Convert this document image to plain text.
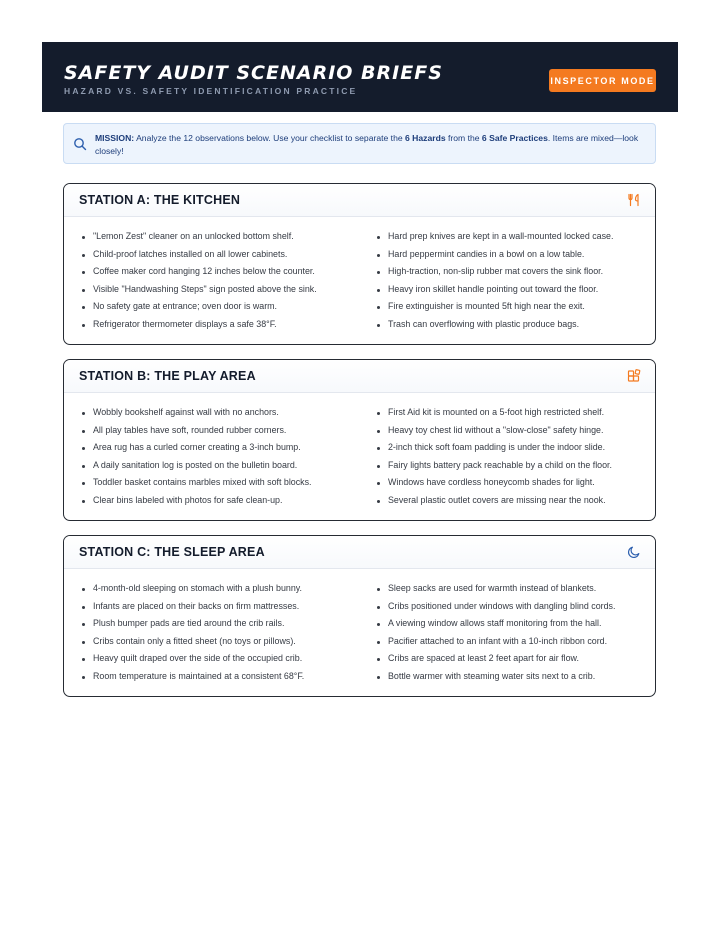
SAFETY AUDIT SCENARIO BRIEFS

HAZARD VS. SAFETY IDENTIFICATION PRACTICE

INSPECTOR MODE

MISSION: Analyze the 12 observations below. Use your checklist to separate the 6 Hazards from the 6 Safe Practices. Items are mixed—look closely!

STATION A: THE KITCHEN
"Lemon Zest" cleaner on an unlocked bottom shelf.
Child-proof latches installed on all lower cabinets.
Coffee maker cord hanging 12 inches below the counter.
Visible "Handwashing Steps" sign posted above the sink.
No safety gate at entrance; oven door is warm.
Refrigerator thermometer displays a safe 38°F.
Hard prep knives are kept in a wall-mounted locked case.
Hard peppermint candies in a bowl on a low table.
High-traction, non-slip rubber mat covers the sink floor.
Heavy iron skillet handle pointing out toward the floor.
Fire extinguisher is mounted 5ft high near the exit.
Trash can overflowing with plastic produce bags.
STATION B: THE PLAY AREA
Wobbly bookshelf against wall with no anchors.
All play tables have soft, rounded rubber corners.
Area rug has a curled corner creating a 3-inch bump.
A daily sanitation log is posted on the bulletin board.
Toddler basket contains marbles mixed with soft blocks.
Clear bins labeled with photos for safe clean-up.
First Aid kit is mounted on a 5-foot high restricted shelf.
Heavy toy chest lid without a "slow-close" safety hinge.
2-inch thick soft foam padding is under the indoor slide.
Fairy lights battery pack reachable by a child on the floor.
Windows have cordless honeycomb shades for light.
Several plastic outlet covers are missing near the nook.
STATION C: THE SLEEP AREA
4-month-old sleeping on stomach with a plush bunny.
Infants are placed on their backs on firm mattresses.
Plush bumper pads are tied around the crib rails.
Cribs contain only a fitted sheet (no toys or pillows).
Heavy quilt draped over the side of the occupied crib.
Room temperature is maintained at a consistent 68°F.
Sleep sacks are used for warmth instead of blankets.
Cribs positioned under windows with dangling blind cords.
A viewing window allows staff monitoring from the hall.
Pacifier attached to an infant with a 10-inch ribbon cord.
Cribs are spaced at least 2 feet apart for air flow.
Bottle warmer with steaming water sits next to a crib.
